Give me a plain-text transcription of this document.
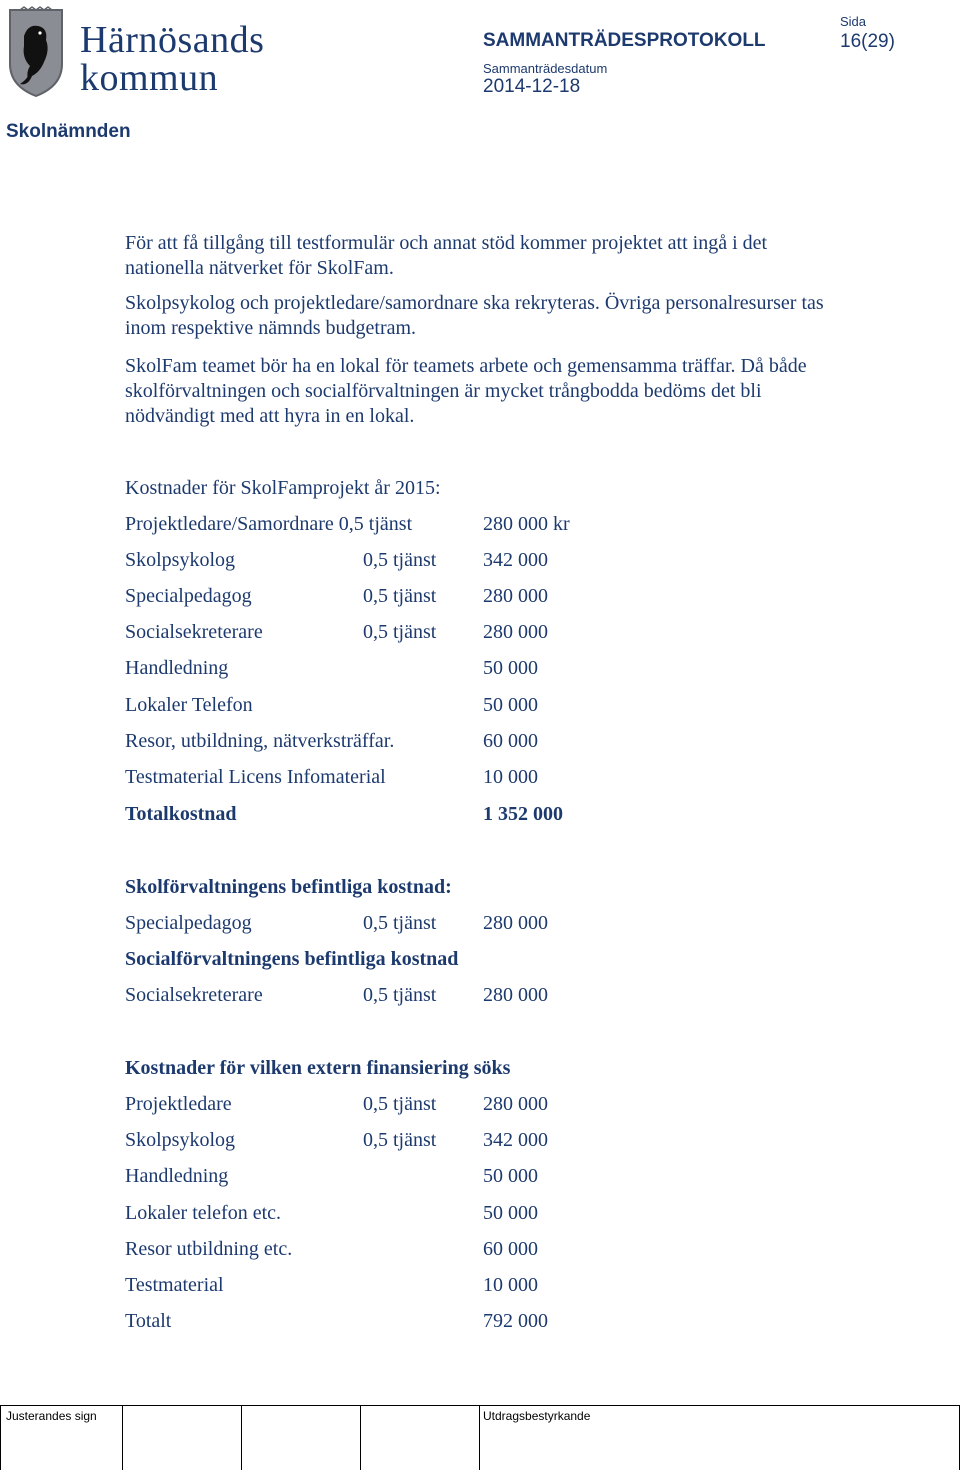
Härnösands
kommun
SAMMANTRÄDESPROTOKOLL
Sida
16(29)
Sammanträdesdatum
2014-12-18
Skolnämnden
För att få tillgång till testformulär och annat stöd kommer projektet att ingå i det nationella nätverket för SkolFam.
Skolpsykolog och projektledare/samordnare ska rekryteras. Övriga personalresurser tas inom respektive nämnds budgetram.
SkolFam teamet bör ha en lokal för teamets arbete och gemensamma träffar. Då både skolförvaltningen och socialförvaltningen är mycket trångbodda bedöms det bli nödvändigt med att hyra in en lokal.
Kostnader för SkolFamprojekt år 2015:
Projektledare/Samordnare 0,5 tjänst	280 000 kr
Skolpsykolog	0,5 tjänst 342 000
Specialpedagog	0,5 tjänst 280 000
Socialsekreterare	0,5 tjänst 280 000
Handledning	50 000
Lokaler Telefon	50 000
Resor, utbildning, nätverksträffar.	60 000
Testmaterial Licens Infomaterial	10 000
Totalkostnad	1 352 000
Skolförvaltningens befintliga kostnad:
Specialpedagog	0,5 tjänst 280 000
Socialförvaltningens befintliga kostnad
Socialsekreterare	0,5 tjänst 280 000
Kostnader för vilken extern finansiering söks
Projektledare	0,5 tjänst 280 000
Skolpsykolog	0,5 tjänst 342 000
Handledning	50 000
Lokaler telefon etc.	50 000
Resor utbildning etc.	60 000
Testmaterial	10 000
Totalt	792 000
Justerandes sign	Utdragsbestyrkande
